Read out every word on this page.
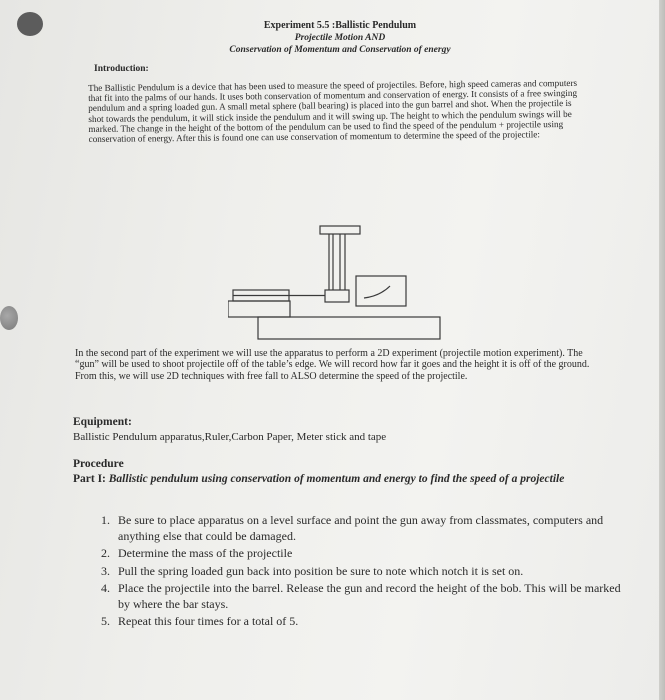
Experiment 5.5 :Ballistic Pendulum
Projectile Motion AND
Conservation of Momentum and Conservation of energy
Introduction:
The Ballistic Pendulum is a device that has been used to measure the speed of projectiles. Before, high speed cameras and computers that fit into the palms of our hands. It uses both conservation of momentum and conservation of energy. It consists of a free swinging pendulum and a spring loaded gun. A small metal sphere (ball bearing) is placed into the gun barrel and shot. When the projectile is shot towards the pendulum, it will stick inside the pendulum and it will swing up. The height to which the pendulum swings will be marked. The change in the height of the bottom of the pendulum can be used to find the speed of the pendulum + projectile using conservation of energy. After this is found one can use conservation of momentum to determine the speed of the projectile:
In the second part of the experiment we will use the apparatus to perform a 2D experiment (projectile motion experiment). The “gun” will be used to shoot projectile off of the table’s edge. We will record how far it goes and the height it is off of the ground. From this, we will use 2D techniques with free fall to ALSO determine the speed of the projectile.
Equipment:
Ballistic Pendulum apparatus,Ruler,Carbon Paper, Meter stick and tape
Procedure
Part I: Ballistic pendulum using conservation of momentum and energy to find the speed of a projectile
1. Be sure to place apparatus on a level surface and point the gun away from classmates, computers and anything else that could be damaged.
2. Determine the mass of the projectile
3. Pull the spring loaded gun back into position be sure to note which notch it is set on.
4. Place the projectile into the barrel. Release the gun and record the height of the bob. This will be marked by where the bar stays.
5. Repeat this four times for a total of 5.
